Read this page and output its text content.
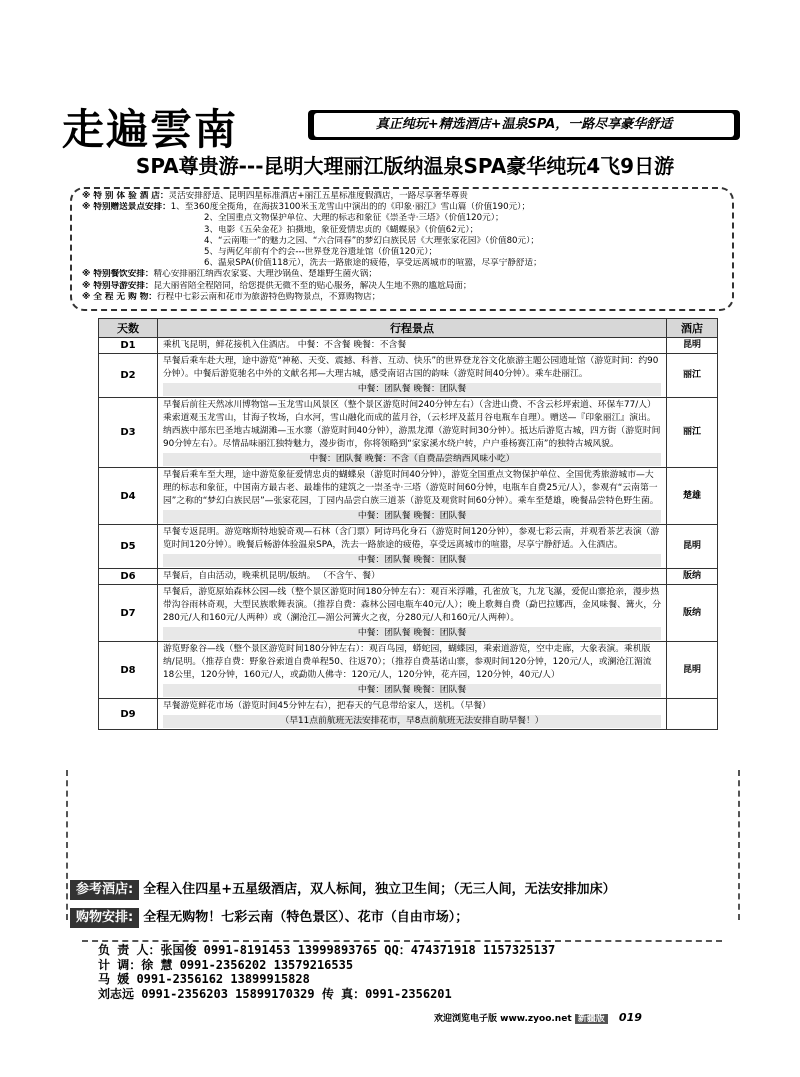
走遍雲南	真正纯玩+精选酒店+温泉SPA，一路尽享豪华舒适
SPA尊贵游---昆明大理丽江版纳温泉SPA豪华纯玩4飞9日游
※ 特 别 体 验 酒 店：灵活安排舒适、昆明四星标准酒店+丽江五星标准度假酒店，一路尽享奢华尊贵
※ 特别赠送景点安排：1、至360度全揽角，在海拔3100米玉龙雪山中演出的的《印象·丽江》雪山篇（价值190元）；
2、全国重点文物保护单位、大理的标志和象征《崇圣寺·三塔》（价值120元）；
3、电影《五朵金花》拍摄地，象征爱情忠贞的《蝴蝶泉》（价值62元）；
4、“云南唯一”的魅力之园、“六合同春”的梦幻白族民居《大理张家花园》（价值80元）；
5、与两亿年前有个约会---世界登龙谷遗址馆（价值120元）；
6、温泉SPA(价值118元），洗去一路旅途的疲倦，享受远离城市的喧嚣，尽享宁静舒适；
※ 特别餐饮安排：精心安排丽江纳西农家宴、大理沙锅鱼、楚雄野生菌火锅；
※ 特别导游安排：昆大丽省陪全程陪同，给您提供无微不至的贴心服务，解决人生地不熟的尴尬局面；
※ 全 程 无 购 物：行程中七彩云南和花市为旅游特色购物景点，不算购物店；
天数	行程景点	酒店
D1	乘机飞昆明，鲜花接机入住酒店。 中餐：不含餐 晚餐：不含餐	昆明
D2	早餐后乘车赴大理，途中游览“神秘、天变、震撼、科普、互动、快乐”的世界登龙谷文化旅游主题公园遗址馆（游览时间：约90分钟）。中餐后游览驰名中外的文献名邦—大理古城，感受南诏古国的韵味（游览时间40分钟）。乘车赴丽江。
中餐：团队餐 晚餐：团队餐	丽江
D3	早餐后前往天然冰川博物馆—玉龙雪山风景区（整个景区游览时间240分钟左右）（含进山费、不含云杉坪索道、环保车77/人）乘索道观玉龙雪山，甘海子牧场，白水河，雪山融化而成的蓝月谷，（云杉坪及蓝月谷电瓶车自理）。赠送—『印象丽江』演出。纳西族中部东巴圣地古城湖滩—玉水寨（游览时间40分钟），游黑龙潭（游览时间30分钟）。抵达后游览古城，四方街（游览时间90分钟左右）。尽情品味丽江独特魅力，漫步街市，你将领略到“家家溪水绕户转，户户垂杨赛江南”的独特古城风貌。
中餐：团队餐 晚餐：不含（自费品尝纳西风味小吃）	丽江
D4	早餐后乘车至大理，途中游览象征爱情忠贞的蝴蝶泉（游览时间40分钟），游览全国重点文物保护单位、全国优秀旅游城市—大理的标志和象征，中国南方最古老、最雄伟的建筑之一崇圣寺·三塔（游览时间60分钟，电瓶车自费25元/人），参观有“云南第一园”之称的“梦幻白族民居”—张家花园，丁园内品尝白族三道茶（游览及观赏时间60分钟）。乘车至楚雄，晚餐品尝特色野生菌。
中餐：团队餐 晚餐：团队餐	楚雄
D5	早餐专返昆明。游览喀斯特地貌奇观—石林（含门票）阿诗玛化身石（游览时间120分钟），参观七彩云南，并观看茶艺表演（游览时间120分钟）。晚餐后畅游体验温泉SPA，洗去一路旅途的疲倦，享受远离城市的喧嚣，尽享宁静舒适。入住酒店。
中餐：团队餐 晚餐：团队餐	昆明
D6	早餐后，自由活动，晚乘机昆明/版纳。 （不含午、餐）	版纳
D7	早餐后，游览原始森林公园—线（整个景区游览时间180分钟左右）：观百米浮雕，孔雀放飞，九龙飞瀑，爱伲山寨抢亲，漫步热带沟谷雨林奇观，大型民族歌舞表演。（推荐自费：森林公园电瓶车40元/人）；晚上歌舞自费（勐巴拉娜西，金风味餐、篝火，分280元/人和160元/人两种）或（澜沧江—湄公河篝火之夜，分280元/人和160元/人两种）。
中餐：团队餐 晚餐：团队餐	版纳
D8	游览野象谷—线（整个景区游览时间180分钟左右）：观百鸟园，蟒蛇园，蝴蝶园，乘索道游览，空中走廊，大象表演。乘机版纳/昆明。（推荐自费：野象谷索道自费单程50、往返70）；（推荐自费基诺山寨，参观时间120分钟，120元/人，或澜沧江湄流18公里，120分钟，160元/人，或勐勋人佛寺：120元/人，120分钟，花卉园，120分钟，40元/人）
中餐：团队餐 晚餐：团队餐	昆明
D9	早餐游览鲜花市场（游览时间45分钟左右），把春天的气息带给家人，送机。（早餐）
（早11点前航班无法安排花市，早8点前航班无法安排自助早餐！）	

参考酒店: 全程入住四星+五星级酒店，双人标间，独立卫生间；（无三人间，无法安排加床）
购物安排: 全程无购物！七彩云南（特色景区）、花市（自由市场）；
负 责 人：张国俊 0991-8191453 13999893765 QQ：474371918 1157325137
计 调：徐 慧 0991-2356202 13579216535
马 媛 0991-2356162 13899915828
刘志远 0991-2356203 15899170329 传 真：0991-2356201
欢迎浏览电子版 www.zyoo.net 新疆版 019
